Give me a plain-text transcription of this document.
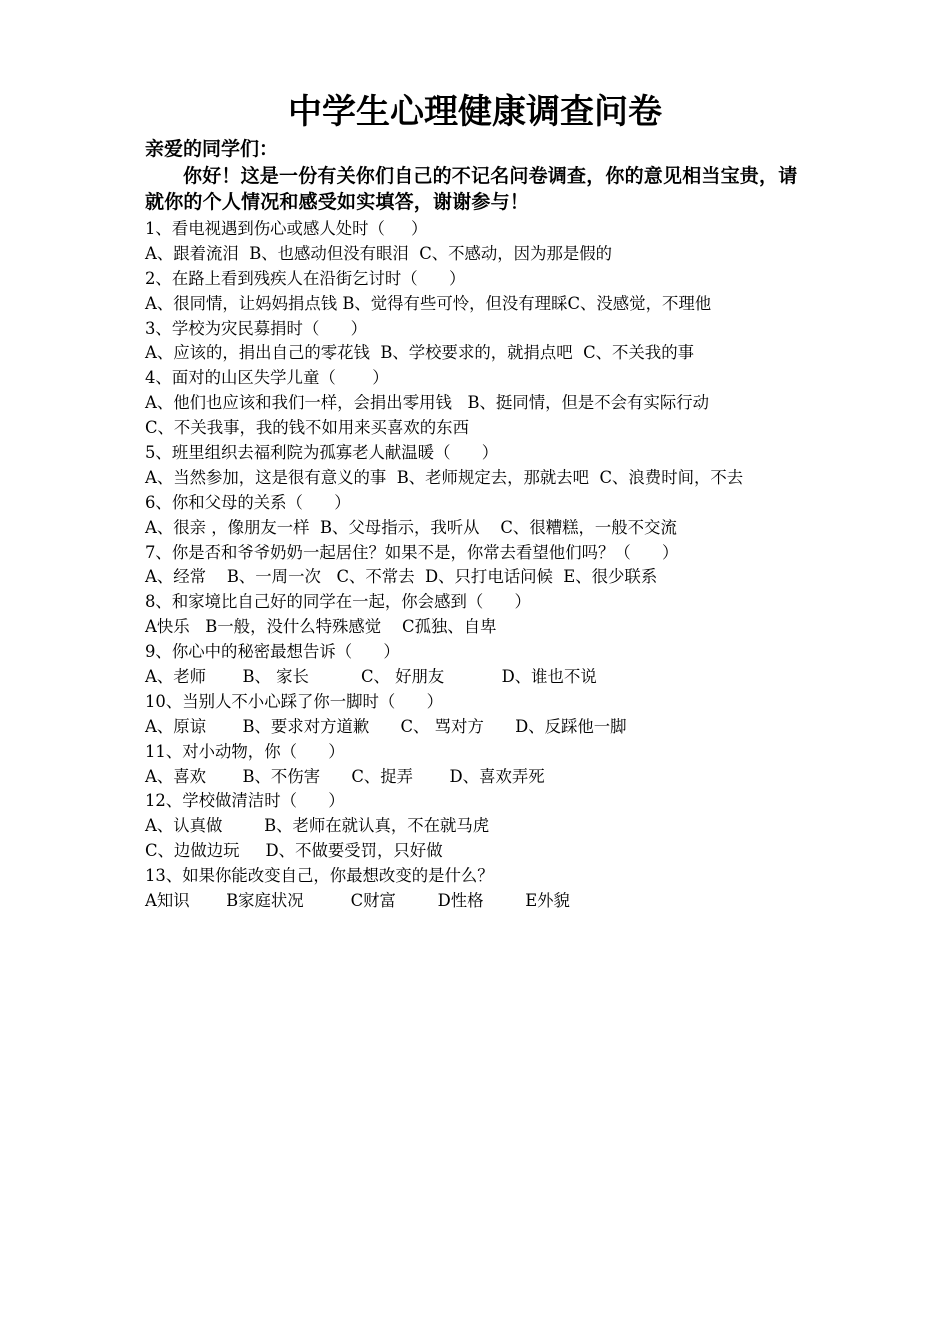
中学生心理健康调查问卷
亲爱的同学们：
你好！这是一份有关你们自己的不记名问卷调查，你的意见相当宝贵，请就你的个人情况和感受如实填答，谢谢参与！
1、看电视遇到伤心或感人处时（     ）
A、跟着流泪  B、也感动但没有眼泪  C、不感动，因为那是假的
2、在路上看到残疾人在沿街乞讨时（      ）
A、很同情，让妈妈捐点钱 B、觉得有些可怜，但没有理睬C、没感觉，不理他
3、学校为灾民募捐时（      ）
A、应该的，捐出自己的零花钱  B、学校要求的，就捐点吧  C、不关我的事
4、面对的山区失学儿童（       ）
A、他们也应该和我们一样，会捐出零用钱   B、挺同情，但是不会有实际行动
C、不关我事，我的钱不如用来买喜欢的东西
5、班里组织去福利院为孤寡老人献温暖（      ）
A、当然参加，这是很有意义的事  B、老师规定去，那就去吧  C、浪费时间，不去
6、你和父母的关系（      ）
A、很亲 ，像朋友一样  B、父母指示，我听从    C、很糟糕，一般不交流
7、你是否和爷爷奶奶一起居住？如果不是，你常去看望他们吗？（      ）
A、经常    B、一周一次   C、不常去  D、只打电话问候  E、很少联系
8、和家境比自己好的同学在一起，你会感到（      ）
A快乐   B一般，没什么特殊感觉    C孤独、自卑
9、你心中的秘密最想告诉（      ）
A、老师       B、 家长          C、 好朋友           D、谁也不说
10、当别人不小心踩了你一脚时（      ）
A、原谅       B、要求对方道歉      C、 骂对方      D、反踩他一脚
11、对小动物，你（      ）
A、喜欢       B、不伤害      C、捉弄       D、喜欢弄死
12、学校做清洁时（      ）
A、认真做        B、老师在就认真，不在就马虎
C、边做边玩     D、不做要受罚，只好做
13、如果你能改变自己，你最想改变的是什么？
A知识       B家庭状况         C财富        D性格        E外貌
